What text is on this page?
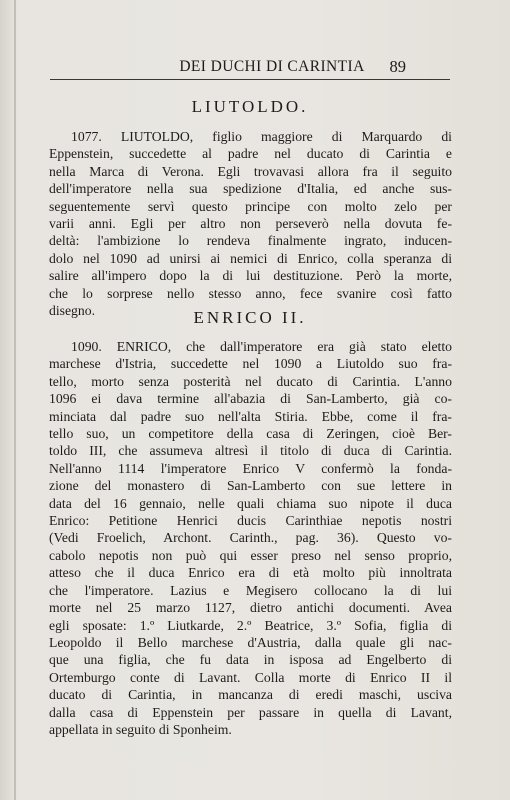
DEI DUCHI DI CARINTIA	89
LIUTOLDO.
1077. LIUTOLDO, figlio maggiore di Marquardo di
Eppenstein, succedette al padre nel ducato di Carintia e
nella Marca di Verona. Egli trovavasi allora fra il seguito
dell'imperatore nella sua spedizione d'Italia, ed anche sus-
seguentemente servì questo principe con molto zelo per
varii anni. Egli per altro non perseverò nella dovuta fe-
deltà: l'ambizione lo rendeva finalmente ingrato, inducen-
dolo nel 1090 ad unirsi ai nemici di Enrico, colla speranza di
salire all'impero dopo la di lui destituzione. Però la morte,
che lo sorprese nello stesso anno, fece svanire così fatto
disegno.	ENRICO II.
1090. ENRICO, che dall'imperatore era già stato eletto
marchese d'Istria, succedette nel 1090 a Liutoldo suo fra-
tello, morto senza posterità nel ducato di Carintia. L'anno
1096 ei dava termine all'abazia di San-Lamberto, già co-
minciata dal padre suo nell'alta Stiria. Ebbe, come il fra-
tello suo, un competitore della casa di Zeringen, cioè Ber-
toldo III, che assumeva altresì il titolo di duca di Carintia.
Nell'anno 1114 l'imperatore Enrico V confermò la fonda-
zione del monastero di San-Lamberto con sue lettere in
data del 16 gennaio, nelle quali chiama suo nipote il duca
Enrico: Petitione Henrici ducis Carinthiae nepotis nostri
(Vedi Froelich, Archont. Carinth., pag. 36). Questo vo-
cabolo nepotis non può qui esser preso nel senso proprio,
atteso che il duca Enrico era di età molto più innoltrata
che l'imperatore. Lazius e Megisero collocano la di lui
morte nel 25 marzo 1127, dietro antichi documenti. Avea
egli sposate: 1.º Liutkarde, 2.º Beatrice, 3.º Sofia, figlia di
Leopoldo il Bello marchese d'Austria, dalla quale gli nac-
que una figlia, che fu data in isposa ad Engelberto di
Ortemburgo conte di Lavant. Colla morte di Enrico II il
ducato di Carintia, in mancanza di eredi maschi, usciva
dalla casa di Eppenstein per passare in quella di Lavant,
appellata in seguito di Sponheim.
